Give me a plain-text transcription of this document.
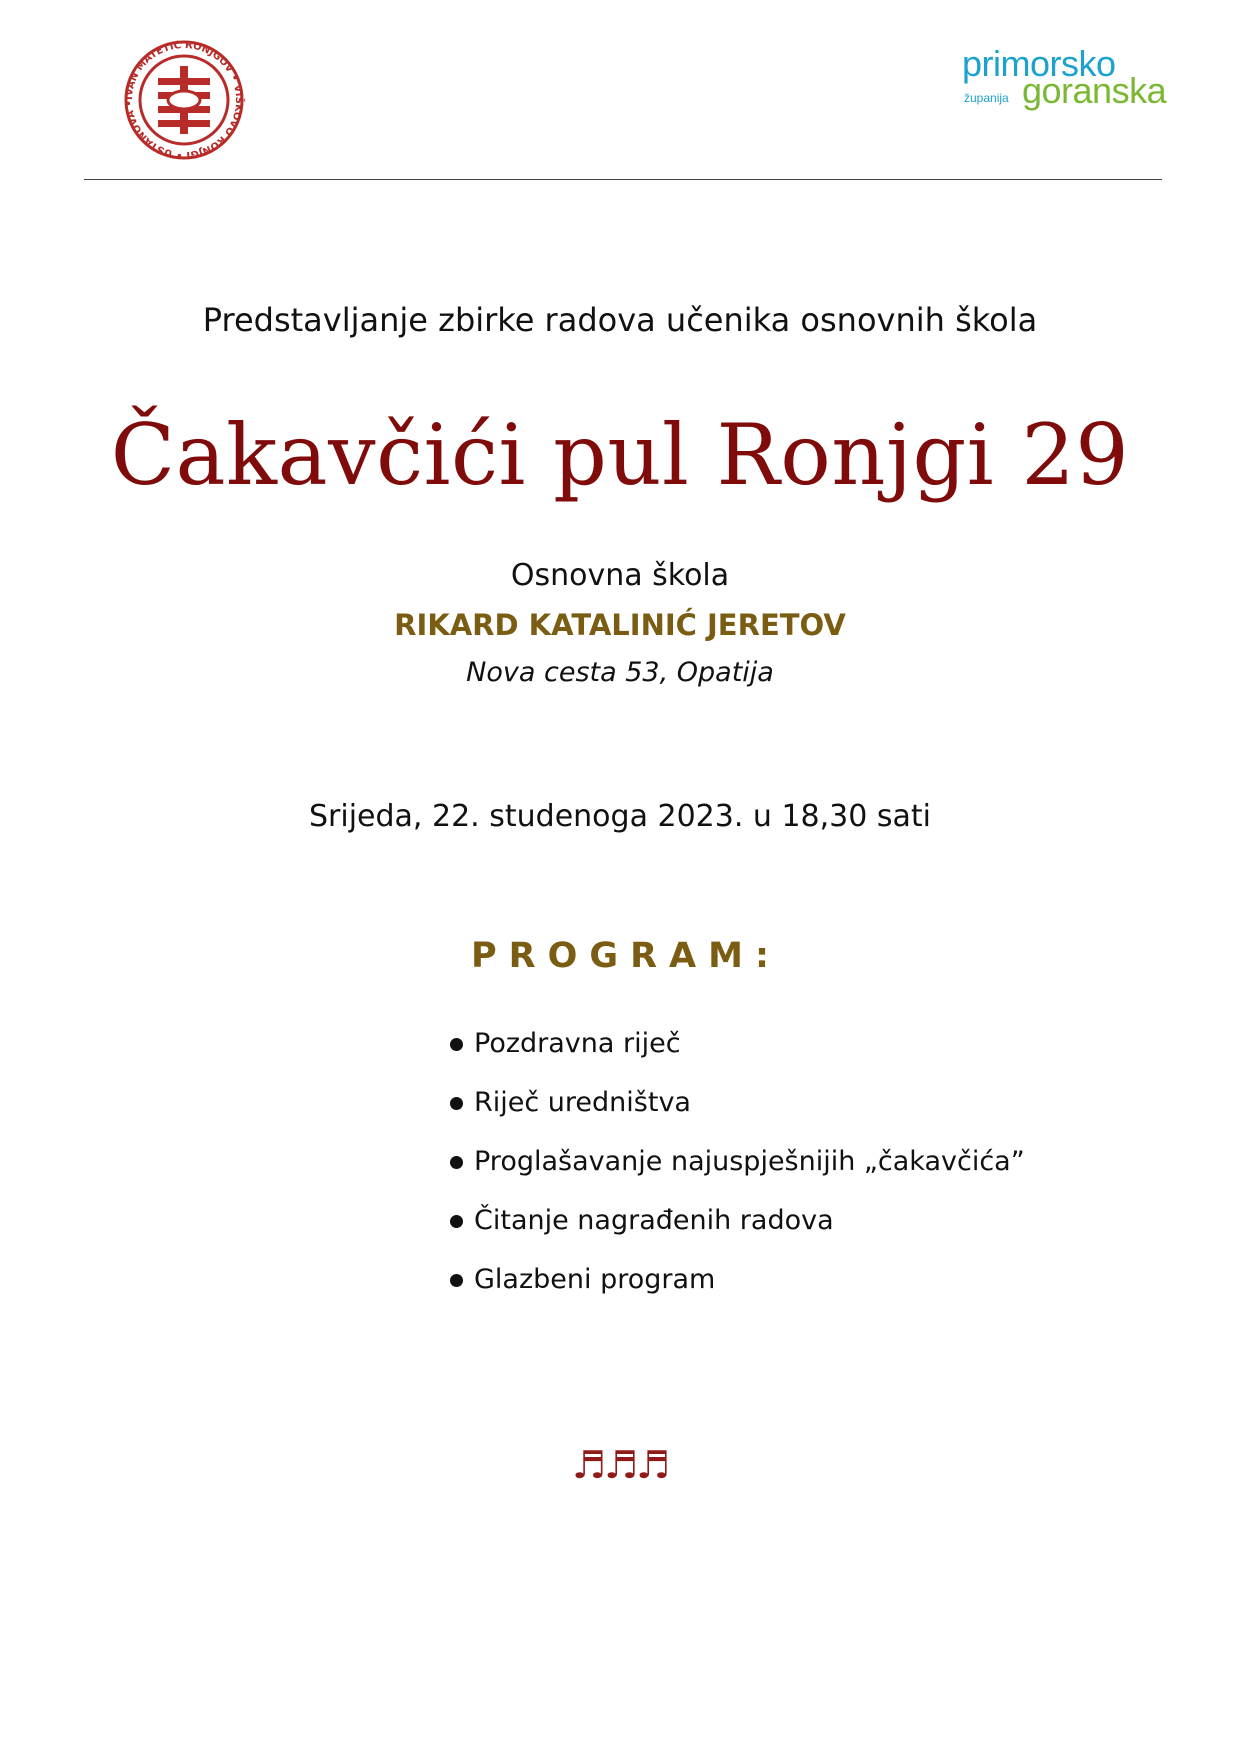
IVAN MATETIĆ RONJGOV • VIŠKOVO RONJGI • USTANOVA •
primorsko
županija goranska
Predstavljanje zbirke radova učenika osnovnih škola
Čakavčići pul Ronjgi 29
Osnovna škola
RIKARD KATALINIĆ JERETOV
Nova cesta 53, Opatija
Srijeda, 22. studenoga 2023. u 18,30 sati
PROGRAM:
Pozdravna riječ
Riječ uredništva
Proglašavanje najuspješnijih „čakavčića”
Čitanje nagrađenih radova
Glazbeni program
♬♬♬
